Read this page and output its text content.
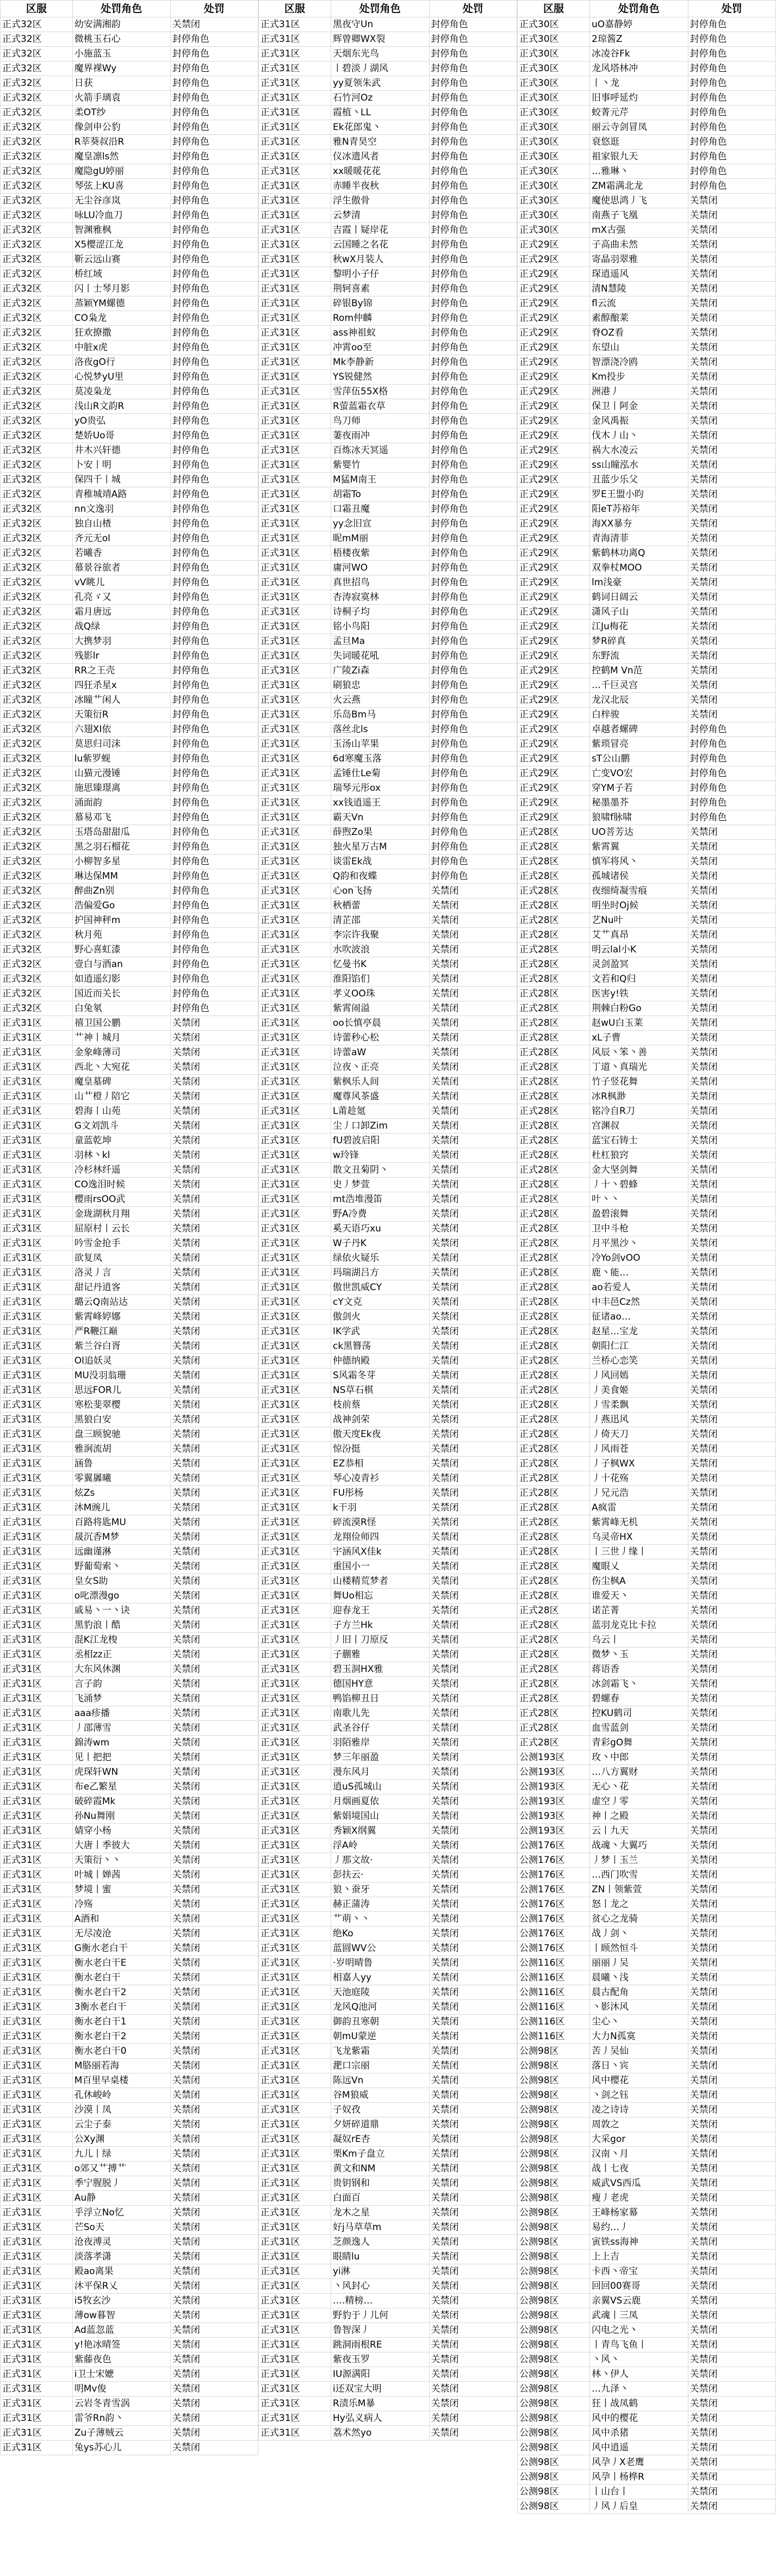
区服	处罚角色	处罚
正式32区	幼安满湘韵	关禁闭
正式32区	微桃玉石心	封停角色
正式32区	小施蓝玉	封停角色
正式32区	魔界裸Wy	封停角色
正式32区	日获	封停角色
正式32区	火箭手璃袁	封停角色
正式32区	柔OT纱	封停角色
正式32区	像剑申公豹	封停角色
正式32区	R莘葵叔沿R	封停角色
正式32区	魔皇凛ls然	封停角色
正式32区	魔隐gU婷丽	封停角色
正式32区	琴弦上KU喜	封停角色
正式32区	无尘谷彦岚	封停角色
正式32区	咏LU冷血刀	封停角色
正式32区	智渊雅枫	封停角色
正式32区	X5樱涩江龙	封停角色
正式32区	靳云远山赛	封停角色
正式32区	桥红域	封停角色
正式32区	闪丨士琴月影	封停角色
正式32区	蒸颖YM螺德	封停角色
正式32区	CO枭龙	封停角色
正式32区	狂欢撩撒	封停角色
正式32区	中脏x虎	封停角色
正式32区	洛夜gO行	封停角色
正式32区	心悦梦yU里	封停角色
正式32区	莫凌枭龙	封停角色
正式32区	浅山R文韵R	封停角色
正式32区	yO贵弘	封停角色
正式32区	楚娇Uo哥	封停角色
正式32区	井木兴轩德	封停角色
正式32区	卜安丨明	封停角色
正式32区	保四千丨城	封停角色
正式32区	青稚城靖A路	封停角色
正式32区	nn文逸羽	封停角色
正式32区	独自山楂	封停角色
正式32区	齐元无ol	封停角色
正式32区	若曦香	封停角色
正式32区	慕景谷旅者	封停角色
正式32区	vV眺儿	封停角色
正式32区	孔亮ゞ又	封停角色
正式32区	霜月唐远	封停角色
正式32区	战Q绿	封停角色
正式32区	大携梦羽	封停角色
正式32区	残影lr	封停角色
正式32区	RR之王壳	封停角色
正式32区	四狂杀星x	封停角色
正式32区	冰瞳艹闲人	封停角色
正式32区	天策衍R	封停角色
正式32区	六翅XI依	封停角色
正式32区	莫思归司沫	封停角色
正式32区	lu紫罗蚬	封停角色
正式32区	山猫元漫锤	封停角色
正式32区	施思臻璟离	封停角色
正式32区	涌面韵	封停角色
正式32区	慕易邓飞	封停角色
正式32区	玉塔岛甜甜瓜	封停角色
正式32区	黑之羽石榴花	封停角色
正式32区	小柳智多星	封停角色
正式32区	琳达保MM	封停角色
正式32区	醉曲Zn别	封停角色
正式32区	浩偏爱Go	封停角色
正式32区	护国神秤m	封停角色
正式32区	秋月苑	封停角色
正式32区	野心喜虹漆	封停角色
正式32区	壹白与酒an	封停角色
正式32区	如逍遥幻影	封停角色
正式32区	国近而关长	封停角色
正式32区	白兔氡	封停角色
正式31区	禧卫国公鹏	关禁闭
正式31区	艹神丨城月	关禁闭
正式31区	金象峰薄司	关禁闭
正式31区	西北丶大宛花	关禁闭
正式31区	魔皇墓碑	关禁闭
正式31区	山艹橙丿陪它	关禁闭
正式31区	碧海丨山苑	关禁闭
正式31区	G文刘凯斗	关禁闭
正式31区	童蓝乾坤	关禁闭
正式31区	羽林丶kl	关禁闭
正式31区	冷杉林纤遥	关禁闭
正式31区	CO逸泪时候	关禁闭
正式31区	樱雨rsOO武	关禁闭
正式31区	金珑湖秋月翔	关禁闭
正式31区	屈原村丨云长	关禁闭
正式31区	吟雪金抢手	关禁闭
正式31区	欲复凤	关禁闭
正式31区	洛灵丿言	关禁闭
正式31区	甜记丹逍客	关禁闭
正式31区	璐云Q南站达	关禁闭
正式31区	紫霄峰婷娜	关禁闭
正式31区	严R鞭江巅	关禁闭
正式31区	紫兰谷白胥	关禁闭
正式31区	Ol追妖灵	关禁闭
正式31区	MU没羽翁珊	关禁闭
正式31区	思远FOR儿	关禁闭
正式31区	寒松斐翠樱	关禁闭
正式31区	黑狼白安	关禁闭
正式31区	盘三顾貌驰	关禁闭
正式31区	雅涧流胡	关禁闭
正式31区	涵鲁	关禁闭
正式31区	零翼羼曦	关禁闭
正式31区	炫Zs	关禁闭
正式31区	沐M豌儿	关禁闭
正式31区	百路将匙MU	关禁闭
正式31区	晟沉香M梦	关禁闭
正式31区	远幽谨淋	关禁闭
正式31区	野葡萄索丶	关禁闭
正式31区	皇女S助	关禁闭
正式31区	o叱漂漫go	关禁闭
正式31区	戚易丶一丶诀	关禁闭
正式31区	黑豹浪丨酷	关禁闭
正式31区	混K江龙梭	关禁闭
正式31区	丞相zz正	关禁闭
正式31区	大东风休渊	关禁闭
正式31区	言子韵	关禁闭
正式31区	飞涌梦	关禁闭
正式31区	aaa疹播	关禁闭
正式31区	丿邵薄雪	关禁闭
正式31区	錦涛wm	关禁闭
正式31区	见丨把把	关禁闭
正式31区	虎琛轩WN	关禁闭
正式31区	布e乙繁星	关禁闭
正式31区	破碎霞Mk	关禁闭
正式31区	孙Nu舞刚	关禁闭
正式31区	婧穿小杨	关禁闭
正式31区	大唐丨季彼大	关禁闭
正式31区	天策衍丶丶	关禁闭
正式31区	叶城丨婵茜	关禁闭
正式31区	梦境丨蜜	关禁闭
正式31区	冷殇	关禁闭
正式31区	A酒和	关禁闭
正式31区	无尽凌沧	关禁闭
正式31区	G衡水老白干	关禁闭
正式31区	衡水老白干E	关禁闭
正式31区	衡水老白干	关禁闭
正式31区	衡水老白干2	关禁闭
正式31区	3衡水老白干	关禁闭
正式31区	衡水老白干1	关禁闭
正式31区	衡水老白干2	关禁闭
正式31区	衡水老白干0	关禁闭
正式31区	M胳丽若海	关禁闭
正式31区	M百里早桌楼	关禁闭
正式31区	孔休峻岭	关禁闭
正式31区	沙漠丨凤	关禁闭
正式31区	云尘子泰	关禁闭
正式31区	公Xy渊	关禁闭
正式31区	九儿丨绿	关禁闭
正式31区	o郊又艹搏艹	关禁闭
正式31区	季宁腥脱丿	关禁闭
正式31区	Au静	关禁闭
正式31区	乎浮立No忆	关禁闭
正式31区	芒So天	关禁闭
正式31区	沧夜溥灵	关禁闭
正式31区	淡落孝潇	关禁闭
正式31区	殿ao离果	关禁闭
正式31区	沐平保R乂	关禁闭
正式31区	i5牧玄沙	关禁闭
正式31区	薄ow暮智	关禁闭
正式31区	Ad蓝忽蓝	关禁闭
正式31区	y!艳冰晴签	关禁闭
正式31区	紫藤夜色	关禁闭
正式31区	i卫士宋嬷	关禁闭
正式31区	明Mv俊	关禁闭
正式31区	云岩冬青雪涡	关禁闭
正式31区	雷爷Rn韵丶	关禁闭
正式31区	Zu子薄贼云	关禁闭
正式31区	兔ys苏心儿	关禁闭
区服	处罚角色	处罚
正式31区	黑夜守Un	封停角色
正式31区	辉曾卿WX裂	封停角色
正式31区	天烟东光鸟	封停角色
正式31区	丨碧淡丿湖风	封停角色
正式31区	yy夏领朱武	封停角色
正式31区	石竹河Oz	封停角色
正式31区	霞植丶LL	封停角色
正式31区	Ek花郎鬼丶	封停角色
正式31区	雅N青昊空	封停角色
正式31区	仪冰遗风者	封停角色
正式31区	xx暖暖花花	封停角色
正式31区	赤睡半夜秋	封停角色
正式31区	浮生傲骨	封停角色
正式31区	云梦清	封停角色
正式31区	吉霞丨疑岸花	封停角色
正式31区	云国睡之名花	封停角色
正式31区	秋wX月装人	封停角色
正式31区	黎明小子仔	封停角色
正式31区	荆轲喜素	封停角色
正式31区	碎银By锦	封停角色
正式31区	Rom仲麟	封停角色
正式31区	ass神祖蚁	封停角色
正式31区	冲霄oo至	封停角色
正式31区	Mk李静新	封停角色
正式31区	YS锐健然	封停角色
正式31区	雪萍伍55X格	封停角色
正式31区	R萤蓝霜衣草	封停角色
正式31区	鸟刀师	封停角色
正式31区	萋夜雨冲	封停角色
正式31区	百炼冰天冥遥	封停角色
正式31区	紫婴竹	封停角色
正式31区	M猛M南王	封停角色
正式31区	胡霜To	封停角色
正式31区	口霜丑魔	封停角色
正式31区	yy念旧宣	封停角色
正式31区	昵mM丽	封停角色
正式31区	梧楼夜紫	封停角色
正式31区	庸河WO	封停角色
正式31区	真世招鸟	封停角色
正式31区	杏涛寂寞林	封停角色
正式31区	诗桐子均	封停角色
正式31区	铭小鸟阳	封停角色
正式31区	孟旦Ma	封停角色
正式31区	失词暖花吼	封停角色
正式31区	广陵Zi森	封停角色
正式31区	刷狼忠	封停角色
正式31区	火云燕	封停角色
正式31区	乐岛Bm马	封停角色
正式31区	落丝北ls	封停角色
正式31区	玉汤山苹果	封停角色
正式31区	6d寒魔玉落	封停角色
正式31区	孟锤仕Le菊	封停角色
正式31区	瑞琴元彤ox	封停角色
正式31区	xx钱逍遥王	封停角色
正式31区	霸天Vn	封停角色
正式31区	薛煦Zo果	封停角色
正式31区	独火星万古M	封停角色
正式31区	谈雷Ek战	封停角色
正式31区	Q韵和夜蝶	封停角色
正式31区	心on飞扬	关禁闭
正式31区	秋栖蕾	关禁闭
正式31区	清芷邵	关禁闭
正式31区	李宗许我聚	关禁闭
正式31区	水吹波浪	关禁闭
正式31区	忆曼书K	关禁闭
正式31区	淮阳馅们	关禁闭
正式31区	孝义OO珠	关禁闭
正式31区	紫霄闹溢	关禁闭
正式31区	oo长慎亭晨	关禁闭
正式31区	诗蕾秒心松	关禁闭
正式31区	诗蕾aW	关禁闭
正式31区	泣夜丶正亮	关禁闭
正式31区	紫枫乐人间	关禁闭
正式31区	魔尊风茶盛	关禁闭
正式31区	L莆趁氪	关禁闭
正式31区	尘丿口卸Zim	关禁闭
正式31区	fU碧波启阳	关禁闭
正式31区	w玲锋	关禁闭
正式31区	散文丑菊阴丶	关禁闭
正式31区	史丿梦萱	关禁闭
正式31区	mt浩堆漫笛	关禁闭
正式31区	野A冷费	关禁闭
正式31区	奚天语巧xu	关禁闭
正式31区	W子丹K	关禁闭
正式31区	绿依火疑乐	关禁闭
正式31区	玛瑞湖吕方	关禁闭
正式31区	傲世凯威CY	关禁闭
正式31区	cY文克	关禁闭
正式31区	傲剑火	关禁闭
正式31区	IK学武	关禁闭
正式31区	ck黑簪荡	关禁闭
正式31区	仲德纳殿	关禁闭
正式31区	S风霜冬芽	关禁闭
正式31区	NS草石棋	关禁闭
正式31区	枝前蔡	关禁闭
正式31区	战神剑荣	关禁闭
正式31区	傲天度Ek夜	关禁闭
正式31区	惊汾挺	关禁闭
正式31区	EZ恭相	关禁闭
正式31区	琴心凌青衫	关禁闭
正式31区	FU彤杨	关禁闭
正式31区	k干羽	关禁闭
正式31区	碎流漠R怪	关禁闭
正式31区	龙翔俭师四	关禁闭
正式31区	宇涵风X佳k	关禁闭
正式31区	重国小一	关禁闭
正式31区	山楼精荒梦者	关禁闭
正式31区	舞Uo相忘	关禁闭
正式31区	迎春龙王	关禁闭
正式31区	子方兰Hk	关禁闭
正式31区	丿旧丨刀原反	关禁闭
正式31区	子蒯雅	关禁闭
正式31区	碧玉洞HX雅	关禁闭
正式31区	德国HY意	关禁闭
正式31区	鸭馅柳丑日	关禁闭
正式31区	南歌儿先	关禁闭
正式31区	武圣谷仔	关禁闭
正式31区	羽陌雅岸	关禁闭
正式31区	梦三年丽盈	关禁闭
正式31区	漫东风月	关禁闭
正式31区	逍uS孤城山	关禁闭
正式31区	月烟画夏依	关禁闭
正式31区	紫娟境国山	关禁闭
正式31区	秀颖X纲翼	关禁闭
正式31区	浮A岭	关禁闭
正式31区	丿那文故·	关禁闭
正式31区	彭扶云·	关禁闭
正式31区	狼丶蚕牙	关禁闭
正式31区	赫正蒲涛	关禁闭
正式31区	艹萌丶丶	关禁闭
正式31区	绝Ko	关禁闭
正式31区	蓝圆WV公	关禁闭
正式31区	·岁明晴鲁	关禁闭
正式31区	相嘉人yy	关禁闭
正式31区	天池庭陵	关禁闭
正式31区	龙风Q池河	关禁闭
正式31区	御韵丑寒朝	关禁闭
正式31区	朝mU蒙逆	关禁闭
正式31区	飞龙紫霜	关禁闭
正式31区	淝口宗丽	关禁闭
正式31区	陈远Vn	关禁闭
正式31区	谷M狼威	关禁闭
正式31区	子奴孜	关禁闭
正式31区	夕妍碎道鼎	关禁闭
正式31区	凝奴rE杏	关禁闭
正式31区	栗Km子盘立	关禁闭
正式31区	黄文和NM	关禁闭
正式31区	贵钥钢和	关禁闭
正式31区	白面百	关禁闭
正式31区	龙木之星	关禁闭
正式31区	好j马草草m	关禁闭
正式31区	芝颜逸人	关禁闭
正式31区	眼睛lu	关禁闭
正式31区	yi淋	关禁闭
正式31区	丶风封心	关禁闭
正式31区	….精榜…	关禁闭
正式31区	野豹于丿儿何	关禁闭
正式31区	鲁智深丿	关禁闭
正式31区	跳洞雨根RE	关禁闭
正式31区	紫夜玉罗	关禁闭
正式31区	IU源满阳	关禁闭
正式31区	i还双宝大明	关禁闭
正式31区	R渍乐M暴	关禁闭
正式31区	Hy弘义病人	关禁闭
正式31区	荔术然yo	关禁闭
区服	处罚角色	处罚
正式30区	uO嘉静婷	封停角色
正式30区	2琼酱Z	封停角色
正式30区	冰凌谷Fk	封停角色
正式30区	龙风塔林冲	封停角色
正式30区	丨丶龙	封停角色
正式30区	旧事呼延灼	封停角色
正式30区	蛟菁元芹	封停角色
正式30区	丽云寺剑冒凤	封停角色
正式30区	衰悠逛	封停角色
正式30区	祖家银九天	封停角色
正式30区	…雅琳丶	封停角色
正式30区	ZM霜满北龙	封停角色
正式30区	魔使思鸿丿飞	关禁闭
正式30区	南燕子飞凰	关禁闭
正式30区	mX古强	关禁闭
正式29区	子高曲未然	关禁闭
正式29区	寄晶羽翠雅	关禁闭
正式29区	琛逍遥风	关禁闭
正式29区	清N慧陵	关禁闭
正式29区	fl云流	关禁闭
正式29区	素醇酿莱	关禁闭
正式29区	脊OZ看	关禁闭
正式29区	东望山	关禁闭
正式29区	智漂浇冷鸥	关禁闭
正式29区	Km投步	关禁闭
正式29区	洲港丿	关禁闭
正式29区	保卫丨阿金	关禁闭
正式29区	金风禹振	关禁闭
正式29区	伐木丿山丶	关禁闭
正式29区	祸大水凌云	关禁闭
正式29区	ss山瞳泓水	关禁闭
正式29区	丑蓝少乐父	关禁闭
正式29区	罗E王盟小昀	关禁闭
正式29区	阳eT苏裕年	关禁闭
正式29区	海XX暴夯	关禁闭
正式29区	青海清菲	关禁闭
正式29区	紫鹤林功离Q	关禁闭
正式29区	双拳杖MOO	关禁闭
正式29区	lm浅豪	关禁闭
正式29区	鹤词日阔云	关禁闭
正式29区	潇风子山	关禁闭
正式29区	江Ju梅花	关禁闭
正式29区	梦R碎真	关禁闭
正式29区	东野流	关禁闭
正式29区	控鹤M Vn范	关禁闭
正式29区	…千巨灵宫	关禁闭
正式29区	龙汉北辰	关禁闭
正式29区	白梓骏	关禁闭
正式29区	卓越者螺碑	封停角色
正式29区	紫琐冒亮	封停角色
正式29区	sT公山鹏	封停角色
正式29区	亡变VO宏	封停角色
正式29区	穿YM子若	封停角色
正式29区	秘墨墨芥	封停角色
正式29区	狼啸f脉啸	封停角色
正式28区	UO菩芳达	关禁闭
正式28区	紫霄翼	关禁闭
正式28区	慎军将风丶	关禁闭
正式28区	孤城诸侯	关禁闭
正式28区	夜细绮凝雪痕	关禁闭
正式28区	明坐时Oj候	关禁闭
正式28区	艺Nu叶	关禁闭
正式28区	艾艹真昂	关禁闭
正式28区	明云lal小K	关禁闭
正式28区	灵剑盈冥	关禁闭
正式28区	文若和Q归	关禁闭
正式28区	医害y!铁	关禁闭
正式28区	荆棘白粉Go	关禁闭
正式28区	赵wU白玉莱	关禁闭
正式28区	xL子曹	关禁闭
正式28区	风辰丶笨丶善	关禁闭
正式28区	丁道丶真瑞光	关禁闭
正式28区	竹子竖花舞	关禁闭
正式28区	冰R枫渺	关禁闭
正式28区	铭冷自R刀	关禁闭
正式28区	宫渊叔	关禁闭
正式28区	蓝宝石铸士	关禁闭
正式28区	杜杠狼窍	关禁闭
正式28区	金大坚剑舞	关禁闭
正式28区	丿十丶碧蜂	关禁闭
正式28区	叶丶丶	关禁闭
正式28区	盈碧滚舞	关禁闭
正式28区	卫中斗枪	关禁闭
正式28区	月平黑沙丶	关禁闭
正式28区	冷Yo剑vOO	关禁闭
正式28区	鹿丶能…	关禁闭
正式28区	ao若爱人	关禁闭
正式28区	中丰邑Cz然	关禁闭
正式28区	征诸ao…	关禁闭
正式28区	赵星…宝龙	关禁闭
正式28区	朝阳仁江	关禁闭
正式28区	兰桥心恋笑	关禁闭
正式28区	丿风回嫣	关禁闭
正式28区	丿美食姬	关禁闭
正式28区	丿雪柔飘	关禁闭
正式28区	丿燕迅风	关禁闭
正式28区	丿倚天刀	关禁闭
正式28区	丿风雨苍	关禁闭
正式28区	丿子枫WX	关禁闭
正式28区	丿十花殇	关禁闭
正式28区	丿兄元浩	关禁闭
正式28区	A疯雷	关禁闭
正式28区	紫霄峰无机	关禁闭
正式28区	乌灵帝HX	关禁闭
正式28区	丨三世丿缘丨	关禁闭
正式28区	魔眼乂	关禁闭
正式28区	伤尘枫A	关禁闭
正式28区	谁爱天丶	关禁闭
正式28区	诺芷菁	关禁闭
正式28区	蓝羽龙克比卡拉	关禁闭
正式28区	乌云丨	关禁闭
正式28区	微梦丶玉	关禁闭
正式28区	蒋语香	关禁闭
正式28区	冰剑霜飞丶	关禁闭
正式28区	碧螺春	关禁闭
正式28区	控KU鹤司	关禁闭
正式28区	血雪蓝剑	关禁闭
正式28区	青彩gO舞	关禁闭
公测193区	玫丶中郎	关禁闭
公测193区	…八方翼财	关禁闭
公测193区	无心丶花	关禁闭
公测193区	虚空丿零	关禁闭
公测193区	神丨之殿	关禁闭
公测193区	云丨九天	关禁闭
公测176区	战魂丶大翼巧	关禁闭
公测176区	丿梦丨玉兰	关禁闭
公测176区	…西门吹雪	关禁闭
公测176区	ZN丨领紫萱	关禁闭
公测176区	怒丨龙之	关禁闭
公测176区	贫心之龙骑	关禁闭
公测176区	战丿剑丶	关禁闭
公测176区	丨顾然恒斗	关禁闭
公测116区	丽丽丿吴	关禁闭
公测116区	晨曦丶浅	关禁闭
公测116区	晨古配角	关禁闭
公测116区	丶影沐风	关禁闭
公测116区	尘心丶	关禁闭
公测116区	大力N孤寞	关禁闭
公测98区	苦丿吴仙	关禁闭
公测98区	落日丶宾	关禁闭
公测98区	风中樱花	关禁闭
公测98区	丶剑之钰	关禁闭
公测98区	凌之诗诗	关禁闭
公测98区	周敦之	关禁闭
公测98区	大采gor	关禁闭
公测98区	汉南丶月	关禁闭
公测98区	战丨七夜	关禁闭
公测98区	威武VS西瓜	关禁闭
公测98区	瘦丿老虎	关禁闭
公测98区	王峰杨家幕	关禁闭
公测98区	易约…丿	关禁闭
公测98区	寅铁ss海神	关禁闭
公测98区	上上吉	关禁闭
公测98区	卡西丶帝宝	关禁闭
公测98区	回回00赛哥	关禁闭
公测98区	亲翼VS云鹿	关禁闭
公测98区	武魂丨三凤	关禁闭
公测98区	闪电之光丶	关禁闭
公测98区	丨青鸟飞鱼丨	关禁闭
公测98区	丶风丶	关禁闭
公测98区	林丶伊人	关禁闭
公测98区	…九泽丶	关禁闭
公测98区	狂丨战凤鹤	关禁闭
公测98区	风中的樱花	关禁闭
公测98区	风中杀猪	关禁闭
公测98区	风中逍遥	关禁闭
公测98区	风孕丿X老鹰	关禁闭
公测98区	风孕丨杨桦R	关禁闭
公测98区	丨山台丨	关禁闭
公测98区	丿风丿后皇	关禁闭
